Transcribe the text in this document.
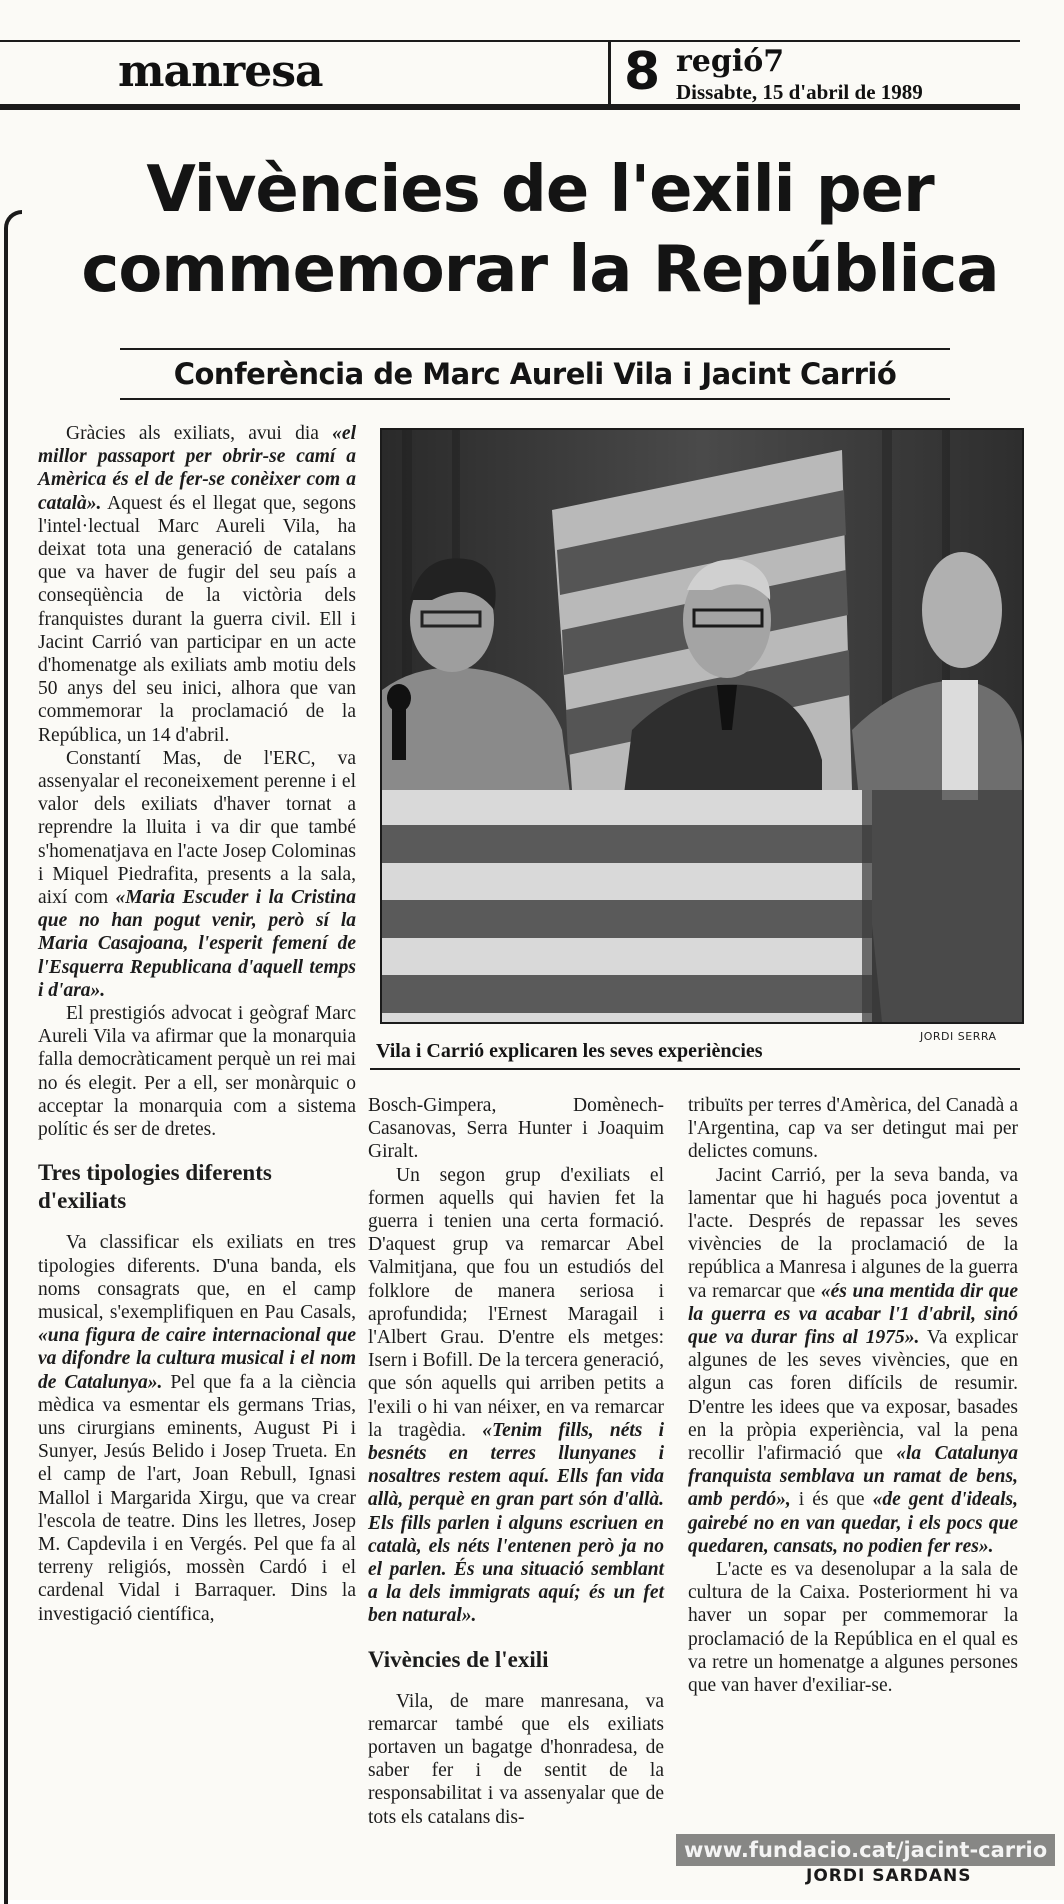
manresa	8 regió7
Dissabte, 15 d'abril de 1989
Vivències de l'exili per
commemorar la República
Conferència de Marc Aureli Vila i Jacint Carrió

Gràcies als exiliats, avui dia «el millor passaport per obrir-se camí a Amèrica és el de fer-se conèixer com a català». Aquest és el llegat que, segons l'intel·lectual Marc Aureli Vila, ha deixat tota una generació de catalans que va haver de fugir del seu país a conseqüència de la victòria dels franquistes durant la guerra civil. Ell i Jacint Carrió van participar en un acte d'homenatge als exiliats amb motiu dels 50 anys del seu inici, alhora que van commemorar la proclamació de la República, un 14 d'abril.

Constantí Mas, de l'ERC, va assenyalar el reconeixement perenne i el valor dels exiliats d'haver tornat a reprendre la lluita i va dir que també s'homenatjava en l'acte Josep Colominas i Miquel Piedrafita, presents a la sala, així com «Maria Escuder i la Cristina que no han pogut venir, però sí la Maria Casajoana, l'esperit femení de l'Esquerra Republicana d'aquell temps i d'ara».

El prestigiós advocat i geògraf Marc Aureli Vila va afirmar que la monarquia falla democràticament perquè un rei mai no és elegit. Per a ell, ser monàrquic o acceptar la monarquia com a sistema polític és ser de dretes.

Tres tipologies diferents d'exiliats

Va classificar els exiliats en tres tipologies diferents. D'una banda, els noms consagrats que, en el camp musical, s'exemplifiquen en Pau Casals, «una figura de caire internacional que va difondre la cultura musical i el nom de Catalunya». Pel que fa a la ciència mèdica va esmentar els germans Trias, uns cirurgians eminents, August Pi i Sunyer, Jesús Belido i Josep Trueta. En el camp de l'art, Joan Rebull, Ignasi Mallol i Margarida Xirgu, que va crear l'escola de teatre. Dins les lletres, Josep M. Capdevila i en Vergés. Pel que fa al terreny religiós, mossèn Cardó i el cardenal Vidal i Barraquer. Dins la investigació científica,

JORDI SERRA
Vila i Carrió explicaren les seves experiències

Bosch-Gimpera, Domènech-Casanovas, Serra Hunter i Joaquim Giralt.

Un segon grup d'exiliats el formen aquells qui havien fet la guerra i tenien una certa formació. D'aquest grup va remarcar Abel Valmitjana, que fou un estudiós del folklore de manera seriosa i aprofundida; l'Ernest Maragail i l'Albert Grau. D'entre els metges: Isern i Bofill. De la tercera generació, que són aquells qui arriben petits a l'exili o hi van néixer, en va remarcar la tragèdia. «Tenim fills, néts i besnéts en terres llunyanes i nosaltres restem aquí. Ells fan vida allà, perquè en gran part són d'allà. Els fills parlen i alguns escriuen en català, els néts l'entenen però ja no el parlen. És una situació semblant a la dels immigrats aquí; és un fet ben natural».

Vivències de l'exili

Vila, de mare manresana, va remarcar també que els exiliats portaven un bagatge d'honradesa, de saber fer i de sentit de la responsabilitat i va assenyalar que de tots els catalans dis-

tribuïts per terres d'Amèrica, del Canadà a l'Argentina, cap va ser detingut mai per delictes comuns.

Jacint Carrió, per la seva banda, va lamentar que hi hagués poca joventut a l'acte. Després de repassar les seves vivències de la proclamació de la república a Manresa i algunes de la guerra va remarcar que «és una mentida dir que la guerra es va acabar l'1 d'abril, sinó que va durar fins al 1975». Va explicar algunes de les seves vivències, que en algun cas foren difícils de resumir. D'entre les idees que va exposar, basades en la pròpia experiència, val la pena recollir l'afirmació que «la Catalunya franquista semblava un ramat de bens, amb perdó», i és que «de gent d'ideals, gairebé no en van quedar, i els pocs que quedaren, cansats, no podien fer res».

L'acte es va desenolupar a la sala de cultura de la Caixa. Posteriorment hi va haver un sopar per commemorar la proclamació de la República en el qual es va retre un homenatge a algunes persones que van haver d'exiliar-se.

www.fundacio.cat/jacint-carrio
JORDI SARDANS
